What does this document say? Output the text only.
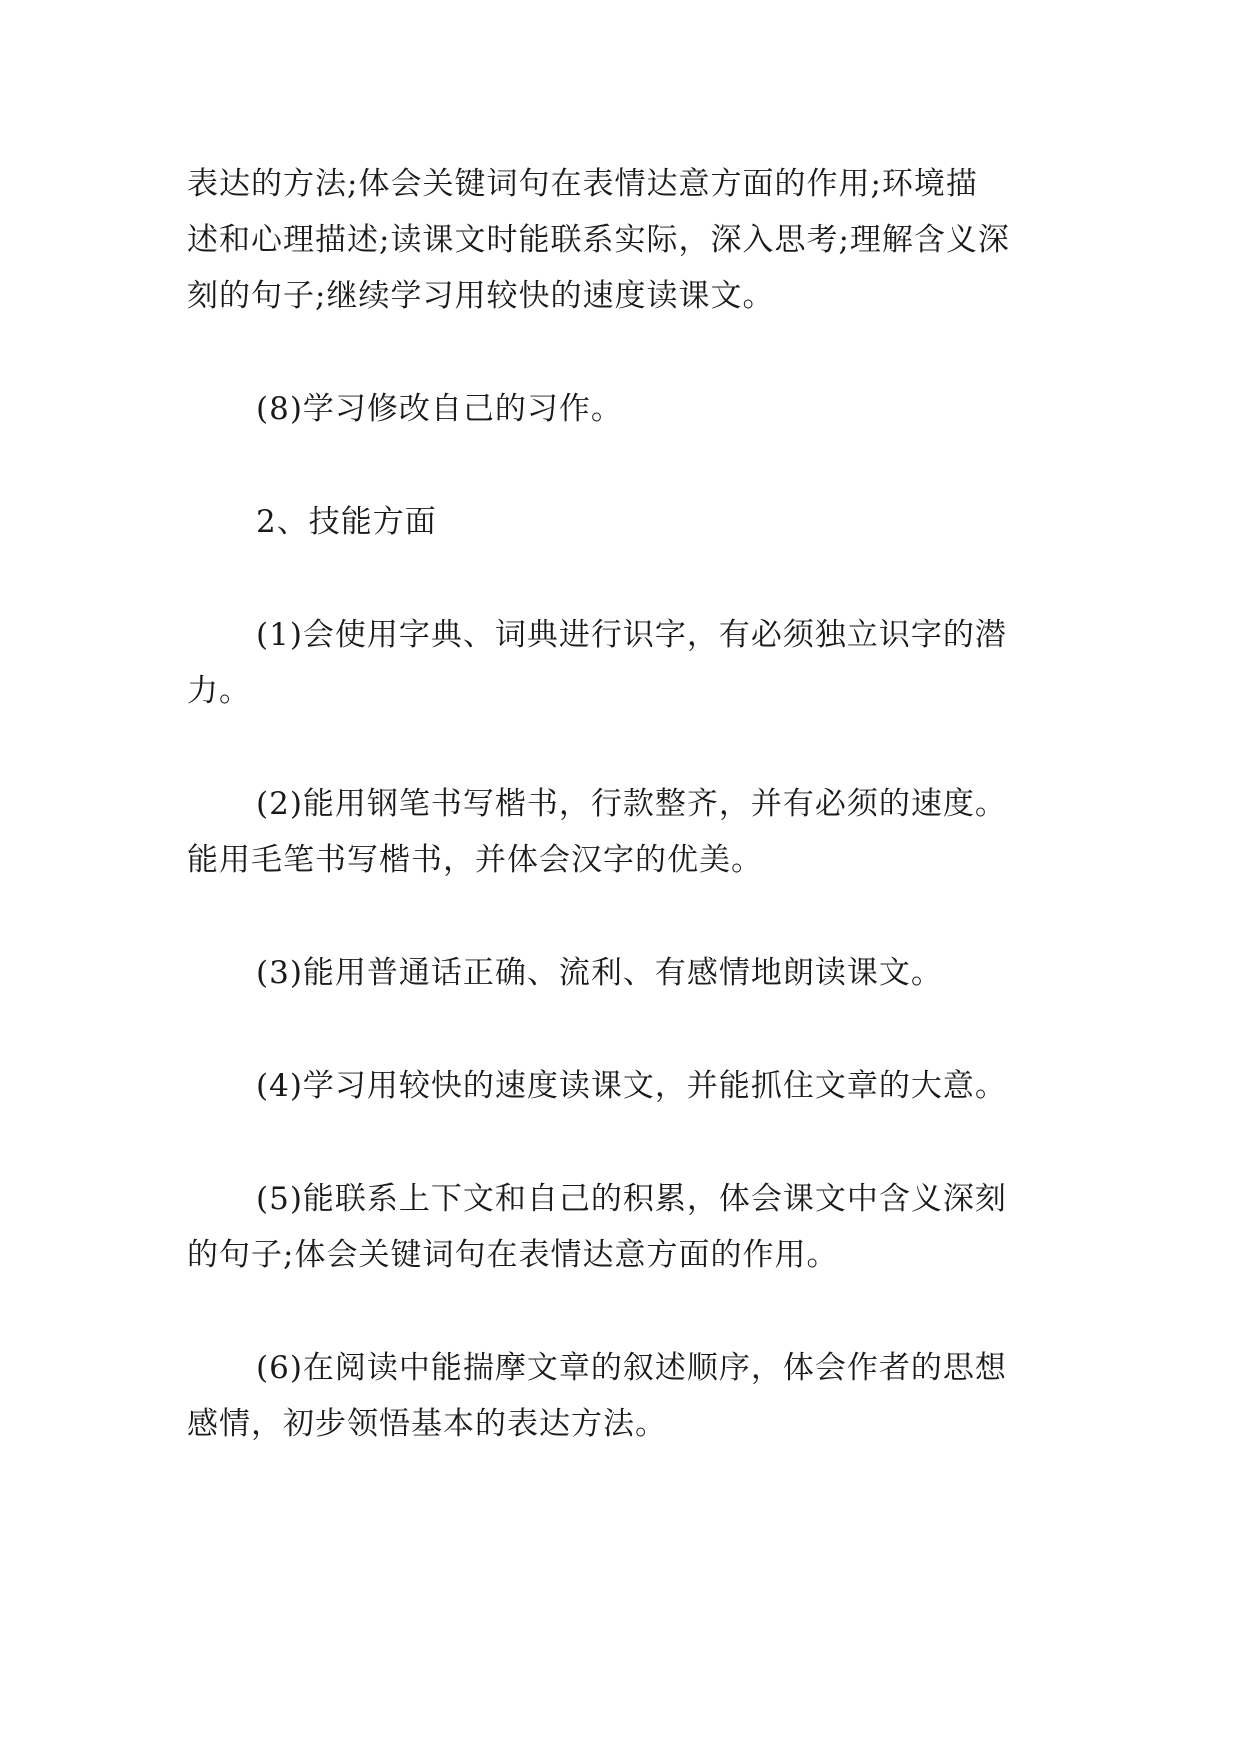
表达的方法;体会关键词句在表情达意方面的作用;环境描
述和心理描述;读课文时能联系实际，深入思考;理解含义深
刻的句子;继续学习用较快的速度读课文。
(8)学习修改自己的习作。
2、技能方面
(1)会使用字典、词典进行识字，有必须独立识字的潜
力。
(2)能用钢笔书写楷书，行款整齐，并有必须的速度。
能用毛笔书写楷书，并体会汉字的优美。
(3)能用普通话正确、流利、有感情地朗读课文。
(4)学习用较快的速度读课文，并能抓住文章的大意。
(5)能联系上下文和自己的积累，体会课文中含义深刻
的句子;体会关键词句在表情达意方面的作用。
(6)在阅读中能揣摩文章的叙述顺序，体会作者的思想
感情，初步领悟基本的表达方法。
